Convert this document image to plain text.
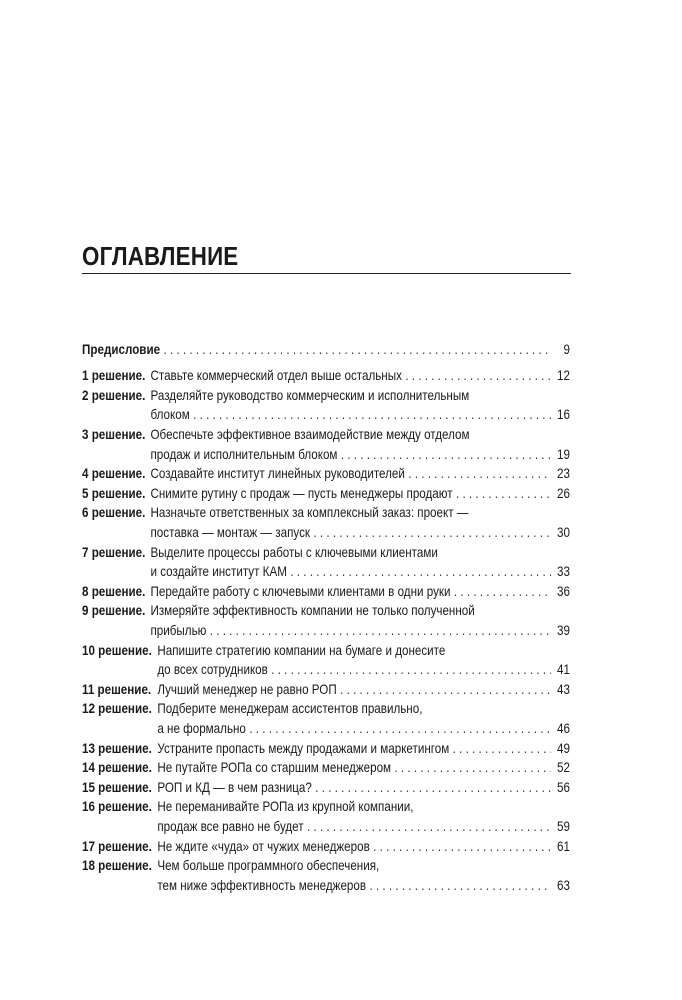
ОГЛАВЛЕНИЕ
Предисловие . . .	9
1 решение. Ставьте коммерческий отдел выше остальных . . .	12
2 решение. Разделяйте руководство коммерческим и исполнительным
блоком . . .	16
3 решение. Обеспечьте эффективное взаимодействие между отделом
продаж и исполнительным блоком . . .	19
4 решение. Создавайте институт линейных руководителей . . .	23
5 решение. Снимите рутину с продаж — пусть менеджеры продают . . .	26
6 решение. Назначьте ответственных за комплексный заказ: проект —
поставка — монтаж — запуск . . .	30
7 решение. Выделите процессы работы с ключевыми клиентами
и создайте институт КАМ . . .	33
8 решение. Передайте работу с ключевыми клиентами в одни руки . . .	36
9 решение. Измеряйте эффективность компании не только полученной
прибылью . . .	39
10 решение. Напишите стратегию компании на бумаге и донесите
до всех сотрудников . . .	41
11 решение. Лучший менеджер не равно РОП . . .	43
12 решение. Подберите менеджерам ассистентов правильно,
а не формально . . .	46
13 решение. Устраните пропасть между продажами и маркетингом . . .	49
14 решение. Не путайте РОПа со старшим менеджером . . .	52
15 решение. РОП и КД — в чем разница? . . .	56
16 решение. Не переманивайте РОПа из крупной компании,
продаж все равно не будет . . .	59
17 решение. Не ждите «чуда» от чужих менеджеров . . .	61
18 решение. Чем больше программного обеспечения,
тем ниже эффективность менеджеров . . .	63
